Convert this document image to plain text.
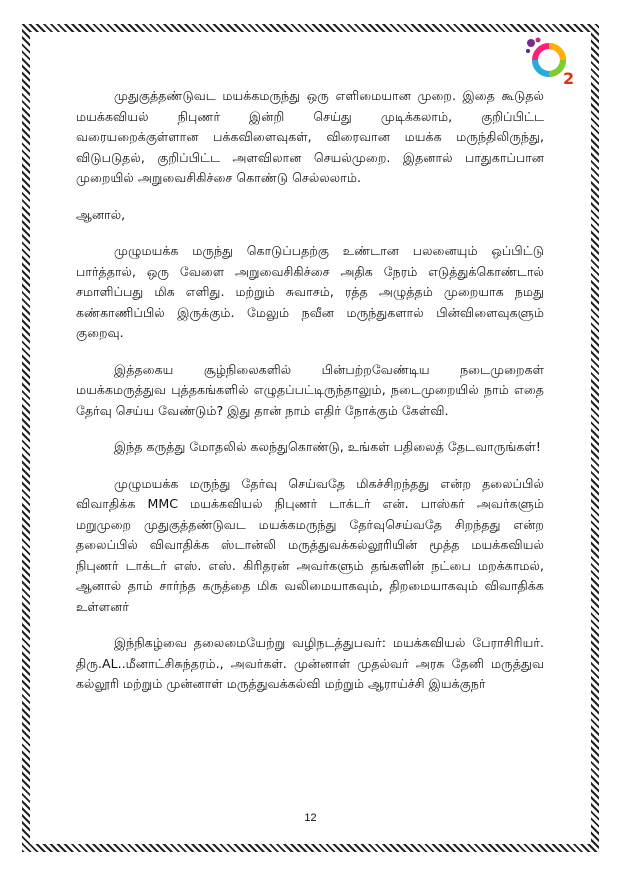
2

முதுகுத்தண்டுவட மயக்கமருந்து ஒரு எளிமையான முறை. இதை கூடுதல் மயக்கவியல் நிபுணர் இன்றி செய்து முடிக்கலாம், குறிப்பிட்ட வரையறைக்குள்ளான பக்கவிளைவுகள், விரைவான மயக்க மருந்திலிருந்து, விடுபடுதல், குறிப்பிட்ட அளவிலான செயல்முறை. இதனால் பாதுகாப்பான முறையில் அறுவைசிகிச்சை கொண்டு செல்லலாம்.

ஆனால்,

முழுமயக்க மருந்து கொடுப்பதற்கு உண்டான பலனையும் ஒப்பிட்டு பார்த்தால், ஒரு வேளை அறுவைசிகிச்சை அதிக நேரம் எடுத்துக்கொண்டால் சமாளிப்பது மிக எளிது. மற்றும் சுவாசம், ரத்த அழுத்தம் முறையாக நமது கண்காணிப்பில் இருக்கும். மேலும் நவீன மருந்துகளால் பின்விளைவுகளும் குறைவு.

இத்தகைய சூழ்நிலைகளில் பின்பற்றவேண்டிய நடைமுறைகள் மயக்கமருத்துவ புத்தகங்களில் எழுதப்பட்டிருந்தாலும், நடைமுறையில் நாம் எதை தேர்வு செய்ய வேண்டும்? இது தான் நாம் எதிர் நோக்கும் கேள்வி.

இந்த கருத்து மோதலில் கலந்துகொண்டு, உங்கள் பதிலைத் தேடவாருங்கள்!

முழுமயக்க மருந்து தேர்வு செய்வதே மிகச்சிறந்தது என்ற தலைப்பில் விவாதிக்க MMC மயக்கவியல் நிபுணர் டாக்டர் என். பாஸ்கர் அவர்களும் மறுமுறை முதுகுத்தண்டுவட மயக்கமருந்து தேர்வுசெய்வதே சிறந்தது என்ற தலைப்பில் விவாதிக்க ஸ்டான்லி மருத்துவக்கல்லூரியின் மூத்த மயக்கவியல் நிபுணர் டாக்டர் எஸ். எஸ். கிரிதரன் அவர்களும் தங்களின் நட்பை மறக்காமல், ஆனால் தாம் சார்ந்த கருத்தை மிக வலிமையாகவும், திறமையாகவும் விவாதிக்க உள்ளனர்

இந்நிகழ்வை தலைமையேற்று வழிநடத்துபவர்: மயக்கவியல் பேராசிரியர். திரு.AL..மீனாட்சிசுந்தரம்., அவர்கள். முன்னாள் முதல்வர் அரசு தேனி மருத்துவ கல்லூரி மற்றும் முன்னாள் மருத்துவக்கல்வி மற்றும் ஆராய்ச்சி இயக்குநர்

12
